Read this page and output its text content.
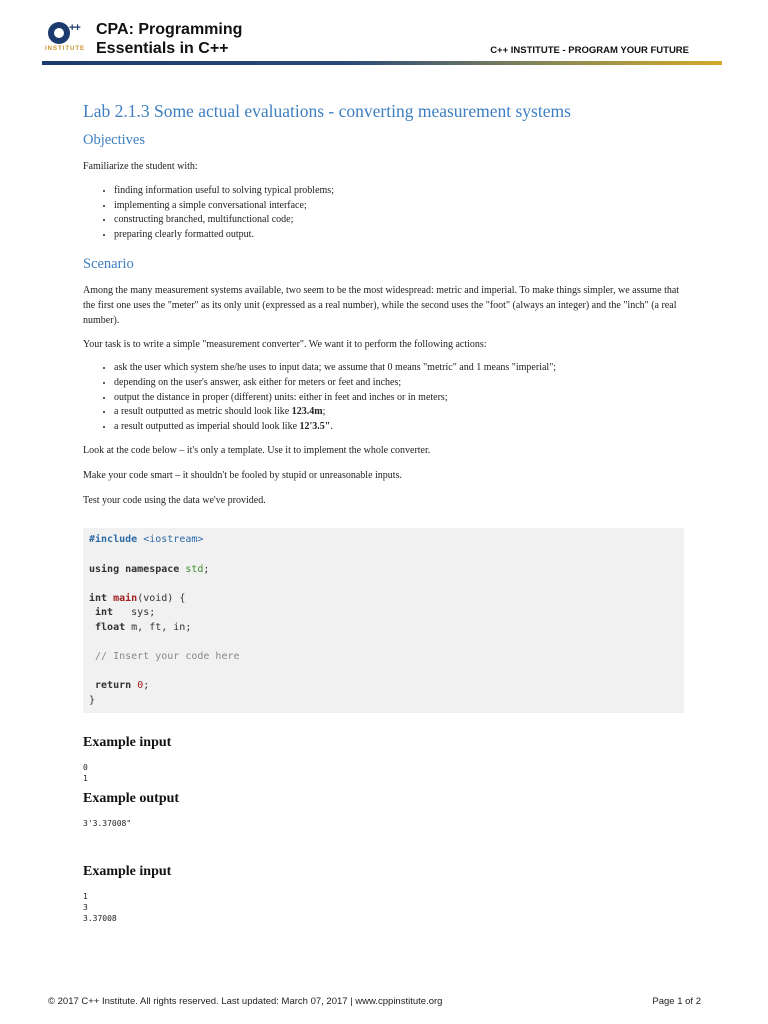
++
INSTITUTE
CPA: Programming
Essentials in C++	C++ INSTITUTE - PROGRAM YOUR FUTURE
Lab 2.1.3 Some actual evaluations - converting measurement systems
Objectives

Familiarize the student with:

• finding information useful to solving typical problems;
• implementing a simple conversational interface;
• constructing branched, multifunctional code;
• preparing clearly formatted output.
Scenario

Among the many measurement systems available, two seem to be the most widespread: metric and imperial. To make things simpler, we assume that the first one uses the "meter" as its only unit (expressed as a real number), while the second uses the "foot" (always an integer) and the "inch" (a real number).

Your task is to write a simple "measurement converter". We want it to perform the following actions:

• ask the user which system she/he uses to input data; we assume that 0 means "metric" and 1 means "imperial";
• depending on the user's answer, ask either for meters or feet and inches;
• output the distance in proper (different) units: either in feet and inches or in meters;
• a result outputted as metric should look like 123.4m;
• a result outputted as imperial should look like 12'3.5".

Look at the code below – it's only a template. Use it to implement the whole converter.

Make your code smart – it shouldn't be fooled by stupid or unreasonable inputs.

Test your code using the data we've provided.

#include <iostream>

using namespace std;

int main(void) {
int   sys;
float m, ft, in;

// Insert your code here

return 0;
}
Example input
0
1
Example output
3'3.37008"
Example input
1
3
3.37008
© 2017 C++ Institute. All rights reserved. Last updated: March 07, 2017 | www.cppinstitute.org	Page 1 of 2
